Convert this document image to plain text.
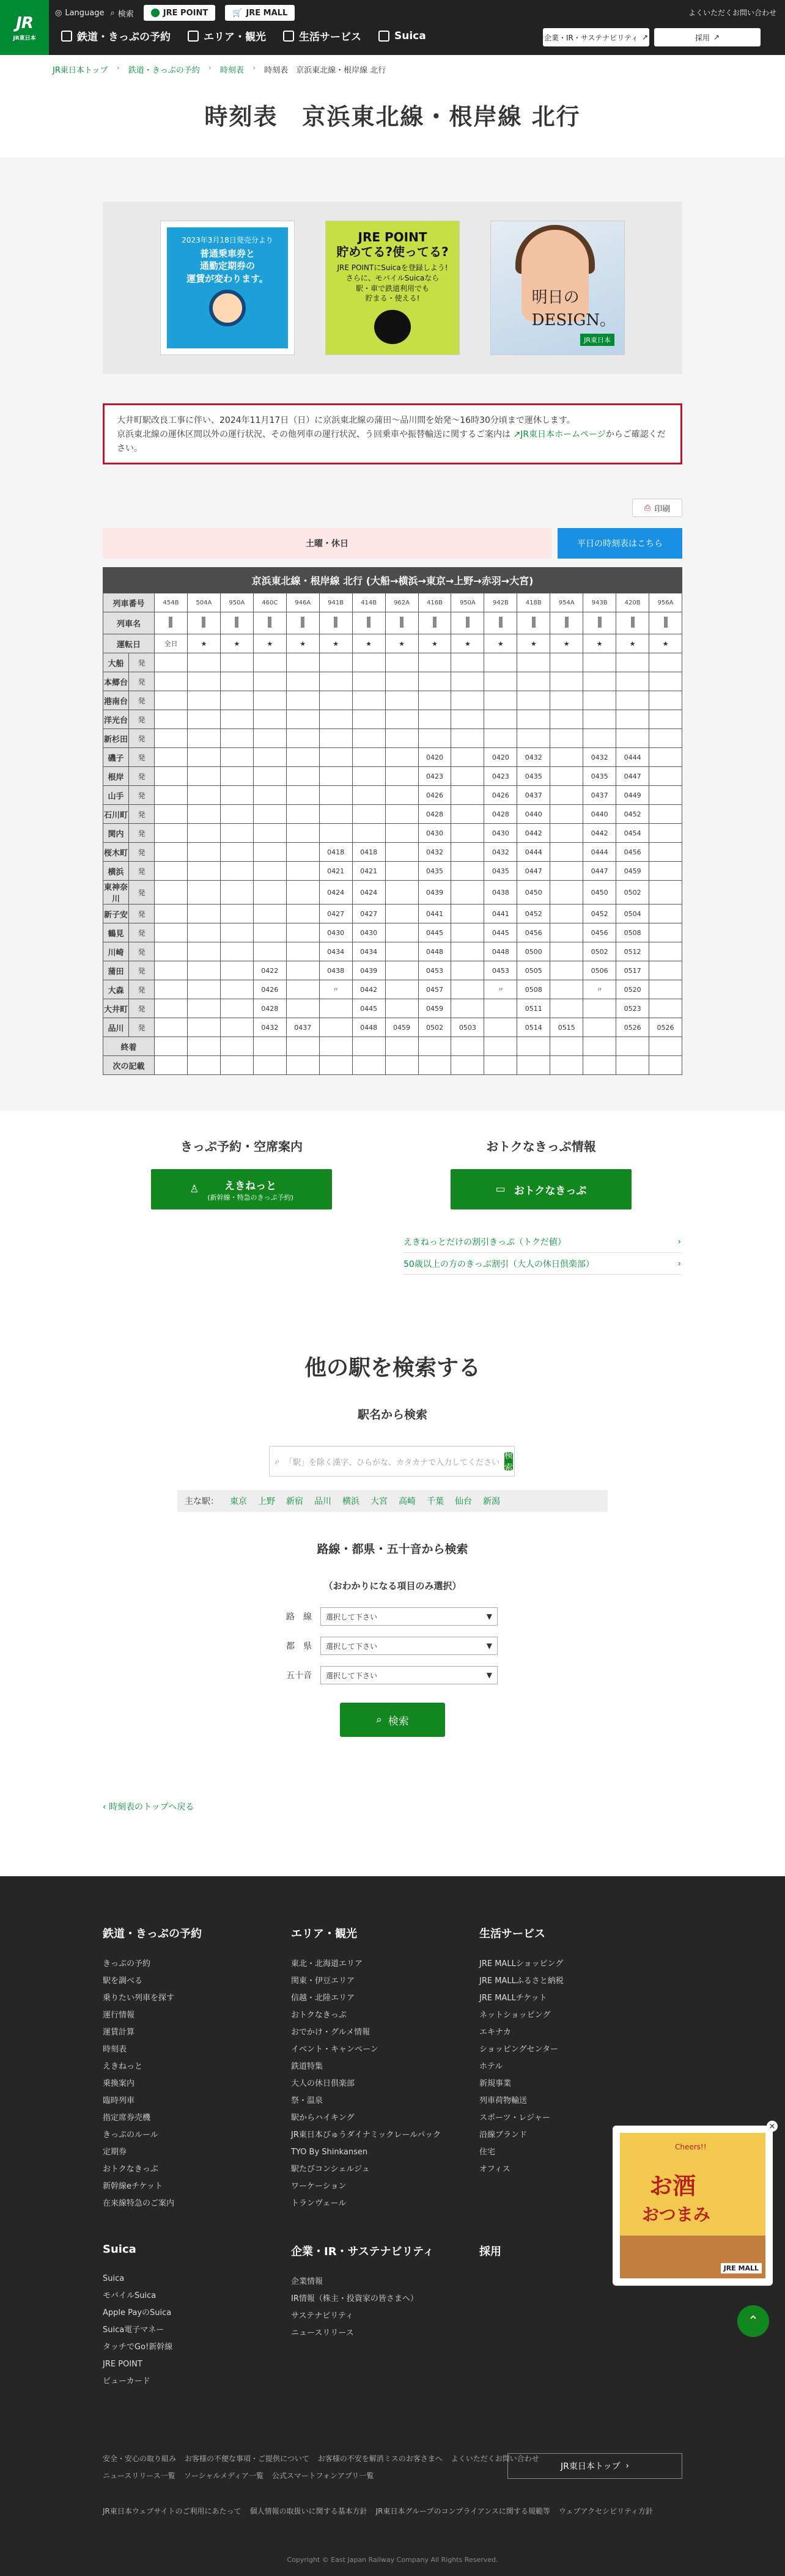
JR
JR東日本
◎ Language ⌕ 検索	JRE POINT	🛒 JRE MALL	よくいただくお問い合わせ
鉄道・きっぷの予約	エリア・観光	生活サービス	Suica	企業・IR・サステナビリティ ↗	採用 ↗
JR東日本トップ › 鉄道・きっぷの予約 › 時刻表 › 時刻表　京浜東北線・根岸線 北行
時刻表　京浜東北線・根岸線 北行
2023年3月18日発売分より
普通乗車券と
通勤定期券の
運賃が変わります。
JRE POINT
貯めてる?使ってる?
JRE POINTにSuicaを登録しよう!
さらに、モバイルSuicaなら
駅・車で鉄道利用でも
貯まる・使える!	明日の
DESIGN。
JR東日本
大井町駅改良工事に伴い、2024年11月17日（日）に京浜東北線の蒲田～品川間を始発～16時30分頃まで運休します。
京浜東北線の運休区間以外の運行状況、その他列車の運行状況、う回乗車や振替輸送に関するご案内は ↗JR東日本ホームページからご確認ください。
⎙ 印刷
土曜・休日	平日の時刻表はこちら
京浜東北線・根岸線 北行 (大船→横浜→東京→上野→赤羽→大宮)
列車番号		454B	504A	950A	460C	946A	941B	414B	962A	416B	950A	942B	418B	954A	943B	420B	956A
列車名																	
運転日		全日	★	★	★	★	★	★	★	★	★	★	★	★	★	★	★
大船	発																
本郷台	発																
港南台	発																
洋光台	発																
新杉田	発																
磯子	発									0420		0420	0432		0432	0444	
根岸	発									0423		0423	0435		0435	0447	
山手	発									0426		0426	0437		0437	0449	
石川町	発									0428		0428	0440		0440	0452	
関内	発									0430		0430	0442		0442	0454	
桜木町	発						0418	0418		0432		0432	0444		0444	0456	
横浜	発						0421	0421		0435		0435	0447		0447	0459	
東神奈川	発						0424	0424		0439		0438	0450		0450	0502	
新子安	発						0427	0427		0441		0441	0452		0452	0504	
鶴見	発						0430	0430		0445		0445	0456		0456	0508	
川崎	発						0434	0434		0448		0448	0500		0502	0512	
蒲田	発				0422		0438	0439		0453		0453	0505		0506	0517	
大森	発				0426		〃	0442		0457		〃	0508		〃	0520	
大井町	発				0428			0445		0459			0511			0523	
品川	発				0432	0437		0448	0459	0502	0503		0514	0515		0526	0526
終着																	
次の記載																	
きっぷ予約・空席案内
♙	えきねっと
(新幹線・特急のきっぷ予約)
おトクなきっぷ情報
▭ おトクなきっぷ
えきねっとだけの割引きっぷ（トクだ値）	›
50歳以上の方のきっぷ割引（大人の休日倶楽部）	›
他の駅を検索する
駅名から検索
⌕ 「駅」を除く漢字、ひらがな、カタカナで入力してください
検索
主な駅： 東京 上野 新宿 品川 横浜 大宮 高崎 千葉 仙台 新潟
路線・都県・五十音から検索
（おわかりになる項目のみ選択）
路　線 選択して下さい	▼
都　県 選択して下さい	▼
五十音 選択して下さい	▼
⌕ 検索
‹ 時刻表のトップへ戻る
鉄道・きっぷの予約
きっぷの予約
駅を調べる
乗りたい列車を探す
運行情報
運賃計算
時刻表
えきねっと
乗換案内
臨時列車
指定席券売機
きっぷのルール
定期券
おトクなきっぷ
新幹線eチケット
在来線特急のご案内
エリア・観光
東北・北海道エリア
関東・伊豆エリア
信越・北陸エリア
おトクなきっぷ
おでかけ・グルメ情報
イベント・キャンペーン
鉄道特集
大人の休日倶楽部
祭・温泉
駅からハイキング
JR東日本びゅうダイナミックレールパック
TYO By Shinkansen
駅たびコンシェルジュ
ワーケーション
トランヴェール
生活サービス
JRE MALLショッピング
JRE MALLふるさと納税
JRE MALLチケット
ネットショッピング
エキナカ
ショッピングセンター
ホテル
新規事業
列車荷物輸送
スポーツ・レジャー
沿線ブランド
住宅
オフィス
Suica
Suica
モバイルSuica
Apple PayのSuica
Suica電子マネー
タッチでGo!新幹線
JRE POINT
ビューカード
企業・IR・サステナビリティ
企業情報
IR情報（株主・投資家の皆さまへ）
サステナビリティ
ニュースリリース
採用
安全・安心の取り組み お客様の不便な事項・ご提供について お客様の不安を解消ミスのお客さまへ よくいただくお問い合わせ
ニュースリリース一覧 ソーシャルメディア一覧 公式スマートフォンアプリ一覧
JR東日本ウェブサイトのご利用にあたって 個人情報の取扱いに関する基本方針 JR東日本グループのコンプライアンスに関する規範等 ウェブアクセシビリティ方針
JR東日本トップ
›
Copyright © East Japan Railway Company All Rights Reserved.
Cheers!!
お酒
おつまみ
JRE MALL
×
⌃
